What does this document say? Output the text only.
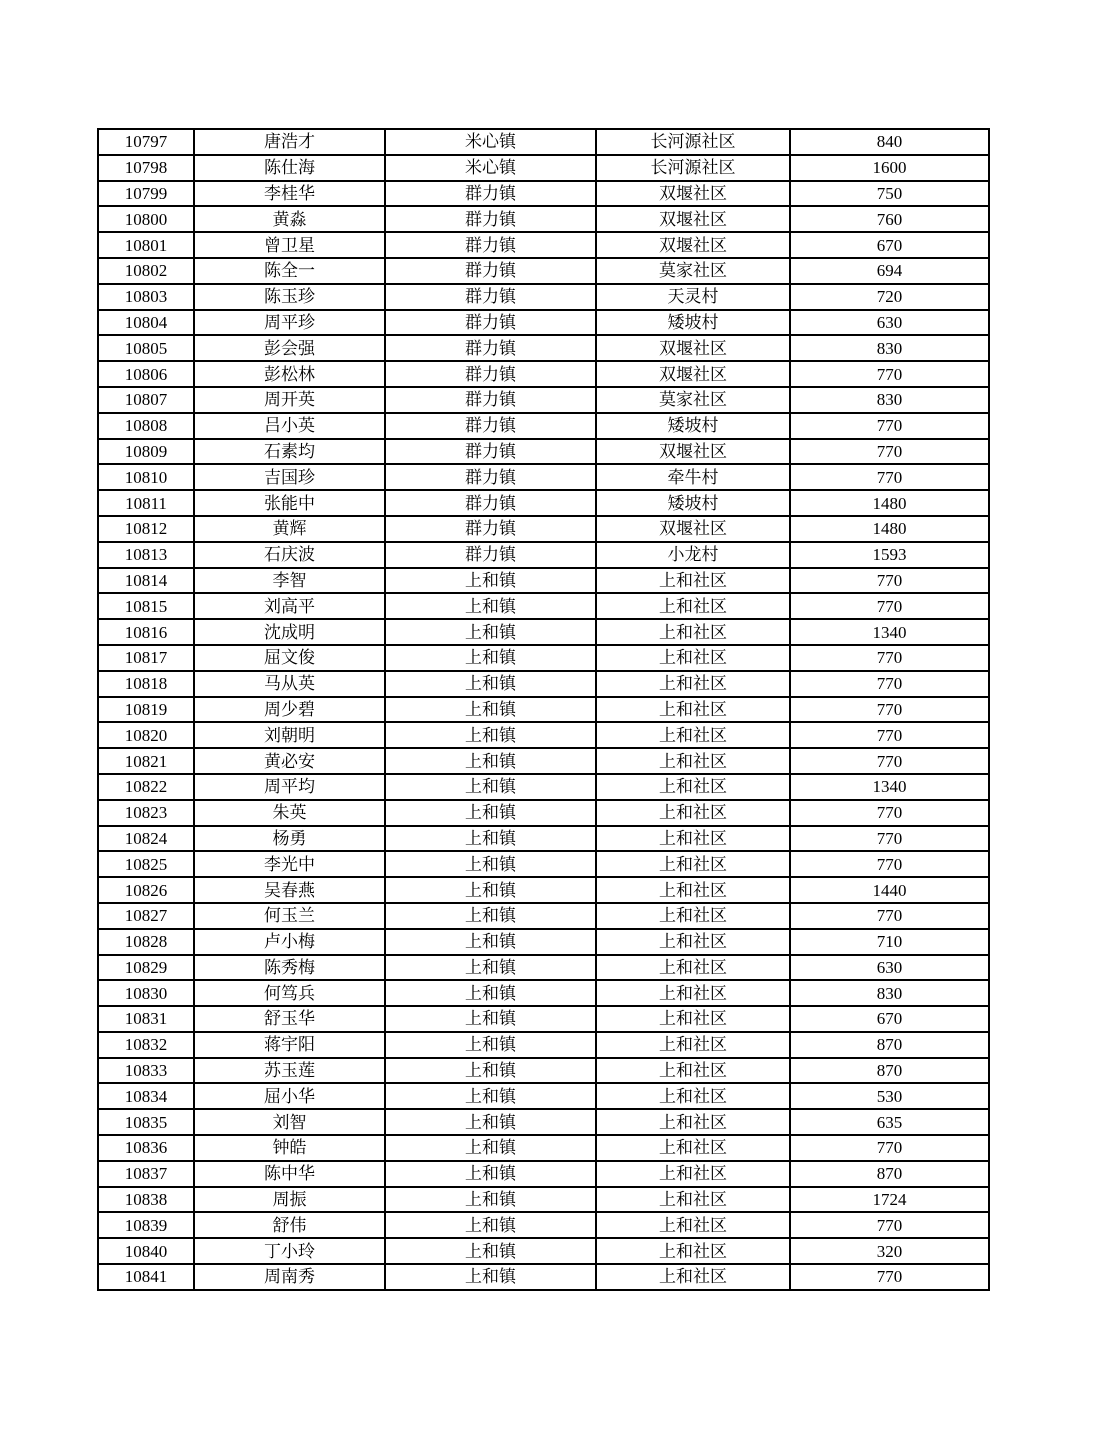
10797	唐浩才	米心镇	长河源社区	840
10798	陈仕海	米心镇	长河源社区	1600
10799	李桂华	群力镇	双堰社区	750
10800	黄淼	群力镇	双堰社区	760
10801	曾卫星	群力镇	双堰社区	670
10802	陈全一	群力镇	莫家社区	694
10803	陈玉珍	群力镇	天灵村	720
10804	周平珍	群力镇	矮坡村	630
10805	彭会强	群力镇	双堰社区	830
10806	彭松林	群力镇	双堰社区	770
10807	周开英	群力镇	莫家社区	830
10808	吕小英	群力镇	矮坡村	770
10809	石素均	群力镇	双堰社区	770
10810	吉国珍	群力镇	牵牛村	770
10811	张能中	群力镇	矮坡村	1480
10812	黄辉	群力镇	双堰社区	1480
10813	石庆波	群力镇	小龙村	1593
10814	李智	上和镇	上和社区	770
10815	刘高平	上和镇	上和社区	770
10816	沈成明	上和镇	上和社区	1340
10817	屈文俊	上和镇	上和社区	770
10818	马从英	上和镇	上和社区	770
10819	周少碧	上和镇	上和社区	770
10820	刘朝明	上和镇	上和社区	770
10821	黄必安	上和镇	上和社区	770
10822	周平均	上和镇	上和社区	1340
10823	朱英	上和镇	上和社区	770
10824	杨勇	上和镇	上和社区	770
10825	李光中	上和镇	上和社区	770
10826	吴春燕	上和镇	上和社区	1440
10827	何玉兰	上和镇	上和社区	770
10828	卢小梅	上和镇	上和社区	710
10829	陈秀梅	上和镇	上和社区	630
10830	何笃兵	上和镇	上和社区	830
10831	舒玉华	上和镇	上和社区	670
10832	蒋宇阳	上和镇	上和社区	870
10833	苏玉莲	上和镇	上和社区	870
10834	屈小华	上和镇	上和社区	530
10835	刘智	上和镇	上和社区	635
10836	钟皓	上和镇	上和社区	770
10837	陈中华	上和镇	上和社区	870
10838	周振	上和镇	上和社区	1724
10839	舒伟	上和镇	上和社区	770
10840	丁小玲	上和镇	上和社区	320
10841	周南秀	上和镇	上和社区	770
